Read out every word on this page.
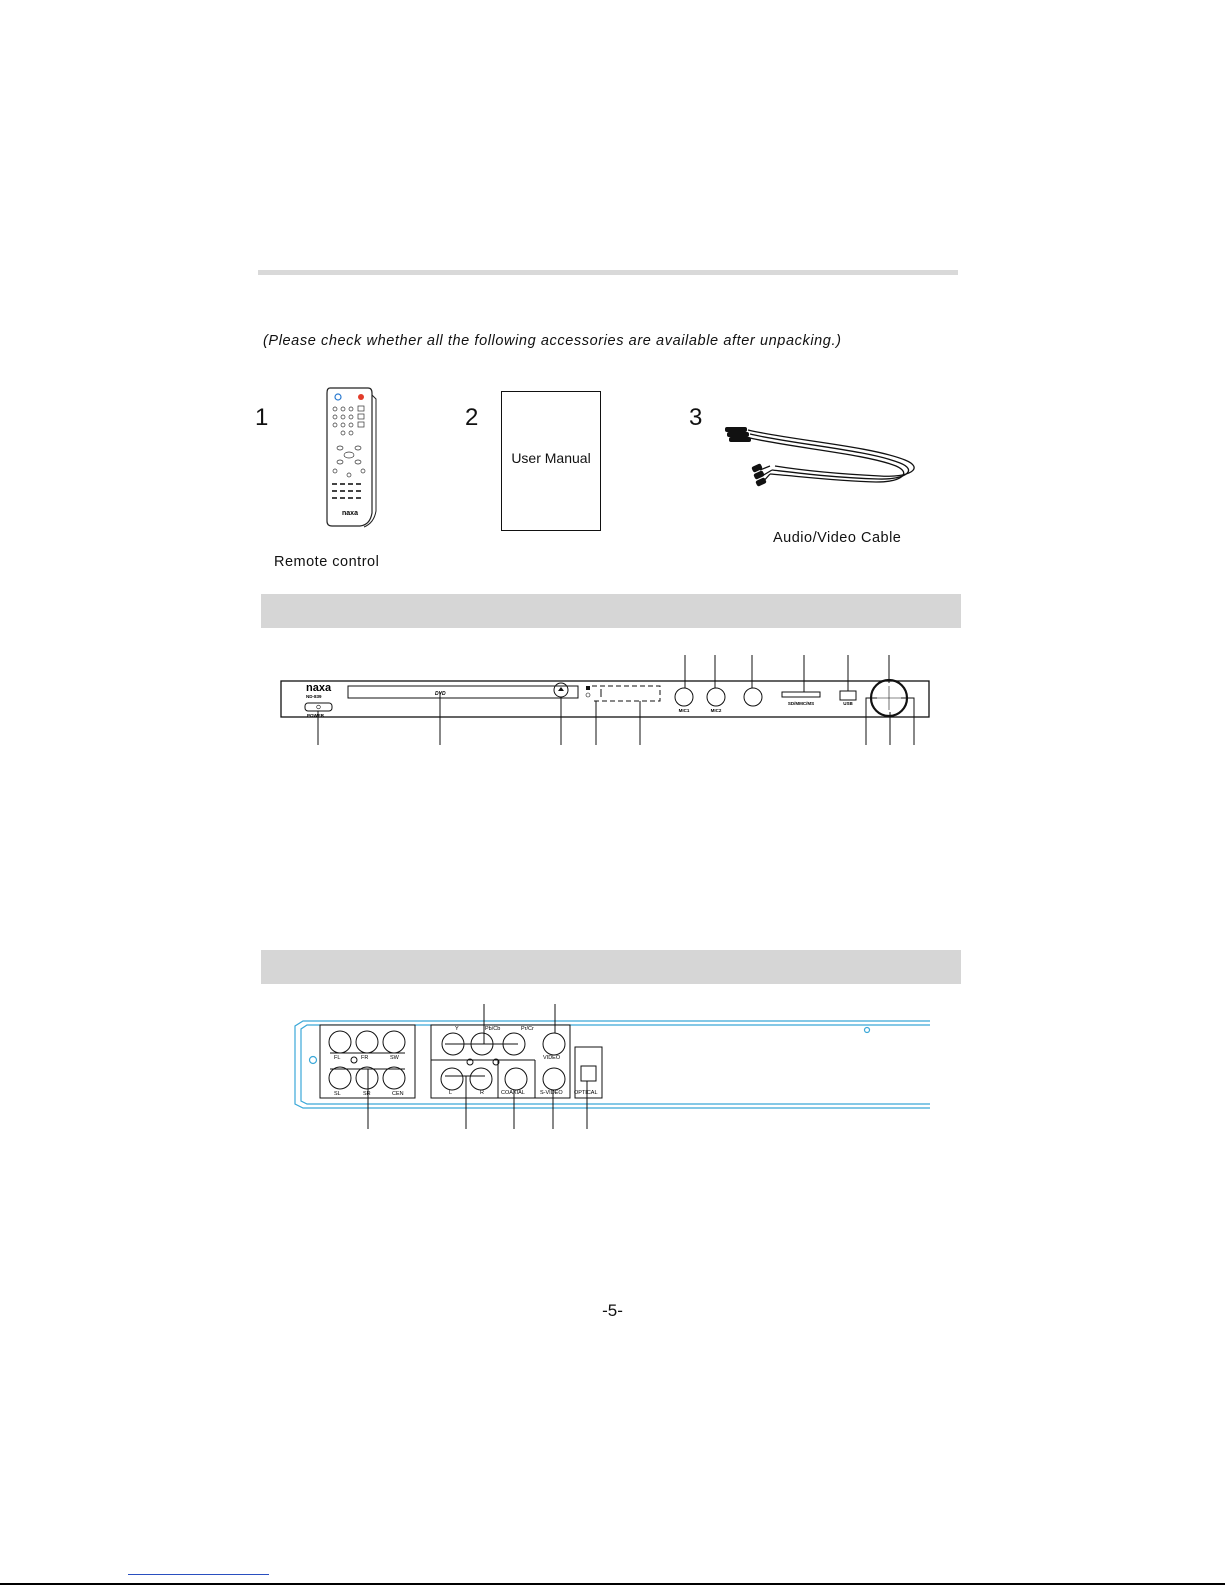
(Please check whether all the following accessories are available after unpacking.)
1
naxa
Remote control
2
User Manual
3
Audio/Video Cable
naxa
ND-839
POWER
DVD
MIC1	MIC2
SD/MMC/MS	USB
FL	FR	SW
SL	SR	CEN
Y	Pb/Cb	Pr/Cr
L	R	COAXIAL
VIDEO
S-VIDEO OPTICAL
-5-
